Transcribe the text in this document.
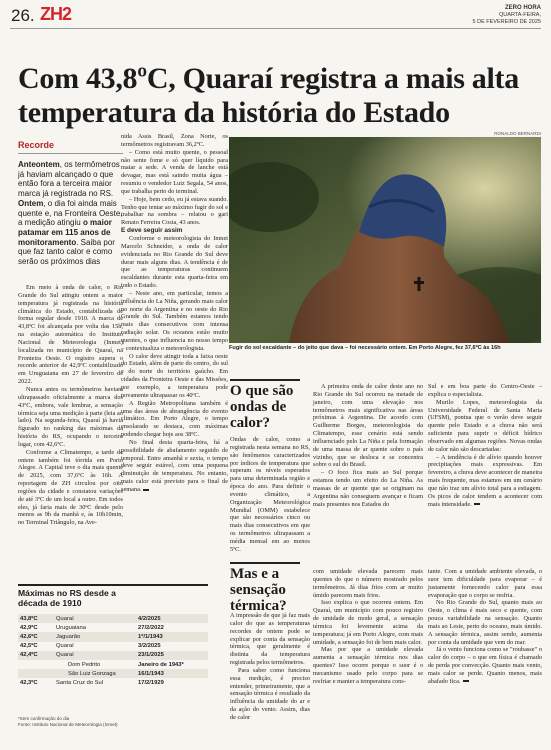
26. ZH2	ZERO HORA
QUARTA-FEIRA,
5 DE FEVEREIRO DE 2025
Com 43,8ºC, Quaraí registra a mais alta temperatura da história do Estado
RONALDO BERNARDI
Recorde
Anteontem, os termômetros já haviam alcançado o que então fora a terceira maior marca já registrada no RS. Ontem, o dia foi ainda mais quente e, na Fronteira Oeste, a medição atingiu o maior patamar em 115 anos de monitoramento. Saiba por que faz tanto calor e como serão os próximos dias

Em meio à onda de calor, o Rio Grande do Sul atingiu ontem a maior temperatura já registrada na história climática do Estado, contabilizada de forma regular desde 1910. A marca de 43,8ºC foi alcançada por volta das 15h, na estação automática do Instituto Nacional de Meteorologia (Inmet) localizada no município de Quaraí, na Fronteira Oeste. O registro supera o recorde anterior de 42,9ºC contabilizado em Uruguaiana em 27 de fevereiro de 2022.

Nunca antes os termômetros haviam ultrapassado oficialmente a marca dos 43ºC, embora, vale lembrar, a sensação térmica seja uma medição à parte (leia ao lado). Na segunda-feira, Quaraí já havia figurado no ranking das máximas da história do RS, ocupando o terceiro lugar, com 42,6ºC.

Conforme a Climatempo, a tarde de ontem também foi tórrida em Porto Alegre. A Capital teve o dia mais quente de 2025, com 37,6ºC às 16h. A reportagem de ZH circulou por oito regiões da cidade e constatou variações de até 3ºC de um local a outro. Em todos eles, já faria mais de 30ºC desde pelo menos as 9h da manhã e, às 10h10min, no Terminal Triângulo, na Ave-

nida Assis Brasil, Zona Norte, os termômetros registravam 36,2ºC.

– Como está muito quente, o pessoal não sente fome e só quer líquido para matar a sede. A venda de lanche está devagar, mas está saindo muita água – resumiu o vendedor Luiz Segala, 54 anos, que trabalha perto do terminal.

– Hoje, bem cedo, eu já estava suando. Tenho que tentar ao máximo fugir do sol e trabalhar na sombra – relatou o gari Renato Ferreira Costa, 43 anos.

E deve seguir assim

Conforme o meteorologista do Inmet Marcelo Schneider, a onda de calor evidenciada no Rio Grande do Sul deve durar mais alguns dias. A tendência é de que as temperaturas continuem escaldantes durante esta quarta-feira em todo o Estado.

– Neste ano, em particular, temos a influência do La Niña, gerando mais calor no norte da Argentina e no oeste do Rio Grande do Sul. Também estamos tendo mais dias consecutivos com intensa radiação solar. Os oceanos estão muito quentes, o que influencia no nosso tempo – contextualiza o meteorologista.

O calor deve atingir toda a faixa oeste do Estado, além de parte do centro, do sul e do norte do território gaúcho. Em cidades da Fronteira Oeste e das Missões, por exemplo, a temperatura pode novamente ultrapassar os 40ºC.

A Região Metropolitana também é uma das áreas de abrangência do evento climático. Em Porto Alegre, o tempo ensolarado se destaca, com máximas podendo chegar hoje aos 38ºC.

No final desta quarta-feira, há a possibilidade de abafamento seguido de temporal. Entre amanhã e sexta, o tempo deve seguir estável, com uma pequena diminuição de temperatura. No entanto, mais calor está previsto para o final de semana.

Fugir do sol escaldante – do jeito que dava – foi necessário ontem. Em Porto Alegre, fez 37,6ºC às 16h
O que são ondas de calor?

Ondas de calor, como a registrada nesta semana no RS, são fenômenos caracterizados por índices de temperatura que superam os níveis esperados para uma determinada região e época do ano. Para definir o evento climático, a Organização Meteorológica Mundial (OMM) estabelece que são necessários cinco ou mais dias consecutivos em que os termômetros ultrapassam a média mensal em ao menos 5ºC.

A primeira onda de calor deste ano no Rio Grande do Sul ocorreu na metade de janeiro, com uma elevação nos termômetros mais significativa nas áreas próximas à Argentina. De acordo com Guilherme Borges, meteorologista da Climatempo, esse cenário está sendo influenciado pelo La Niña e pela formação de uma massa de ar quente sobre o país vizinho, que se desloca e se concentra sobre o sul do Brasil.

– O foco fica mais ao Sul porque estamos tendo um efeito do La Niña. As massas de ar quente que se originam na Argentina não conseguem avançar e ficam mais presentes nos Estados do

Sul e em boa parte do Centro-Oeste – explica o especialista.

Murilo Lopes, meteorologista da Universidade Federal de Santa Maria (UFSM), pontua que o verão deve seguir quente pelo Estado e a chuva não será suficiente para suprir o déficit hídrico observado em algumas regiões. Novas ondas de calor não são descartadas:

– A tendência é de alívio quando houver precipitações mais expressivas. Em fevereiro, a chuva deve acontecer de maneira mais frequente, mas estamos em um cenário que não traz um alívio total para a estiagem. Os picos de calor tendem a acontecer com mais intensidade.

Mas e a sensação térmica?

A impressão de que já faz mais calor do que as temperaturas recordes de ontem pode se explicar por conta da sensação térmica, que geralmente é distinta da temperatura registrada pelos termômetros.

Para saber como funciona essa medição, é preciso entender, primeiramente, que a sensação térmica é resultado da influência da umidade do ar e da ação do vento. Assim, dias de calor

com umidade elevada parecem mais quentes do que o número mostrado pelos termômetros. Já dias frios com ar muito úmido parecem mais frios.

Isso explica o que ocorreu ontem. Em Quaraí, um município com pouco registro de umidade de modo geral, a sensação térmica foi levemente acima da temperatura; já em Porto Alegre, com mais umidade, a sensação foi de bem mais calor.

Mas por que a umidade elevada aumenta a sensação térmica nos dias quentes? Isso ocorre porque o suor é o mecanismo usado pelo corpo para se resfriar e manter a temperatura cons-

tante. Com a umidade ambiente elevada, o suor tem dificuldade para evaporar – é justamente fornecendo calor para essa evaporação que o corpo se resfria.

No Rio Grande do Sul, quanto mais ao Oeste, o clima é mais seco e quente, com pouca variabilidade na sensação. Quanto mais ao Leste, perto do oceano, mais úmido. A sensação térmica, assim sendo, aumenta por conta da umidade que vem do mar.

Já o vento funciona como se "roubasse" o calor do corpo – o que em física é chamado de perda por convecção. Quanto mais vento, mais calor se perde. Quanto menos, mais abafado fica.

Máximas no RS desde a década de 1910
43,8ºC	Quaraí	4/2/2025
42,9ºC	Uruguaiana	27/2/2022
42,6ºC	Jaguarão	1º/1/1943
42,5ºC	Quaraí	3/2/2025
42,4ºC	Quaraí	23/1/2025
	Dom Pedrito	Janeiro de 1943*
	São Luiz Gonzaga	16/1/1943
42,3ºC	Santa Cruz do Sul	17/2/1929
*Sem confirmação do dia
Fonte: Instituto Nacional de Meteorologia (Inmet)
